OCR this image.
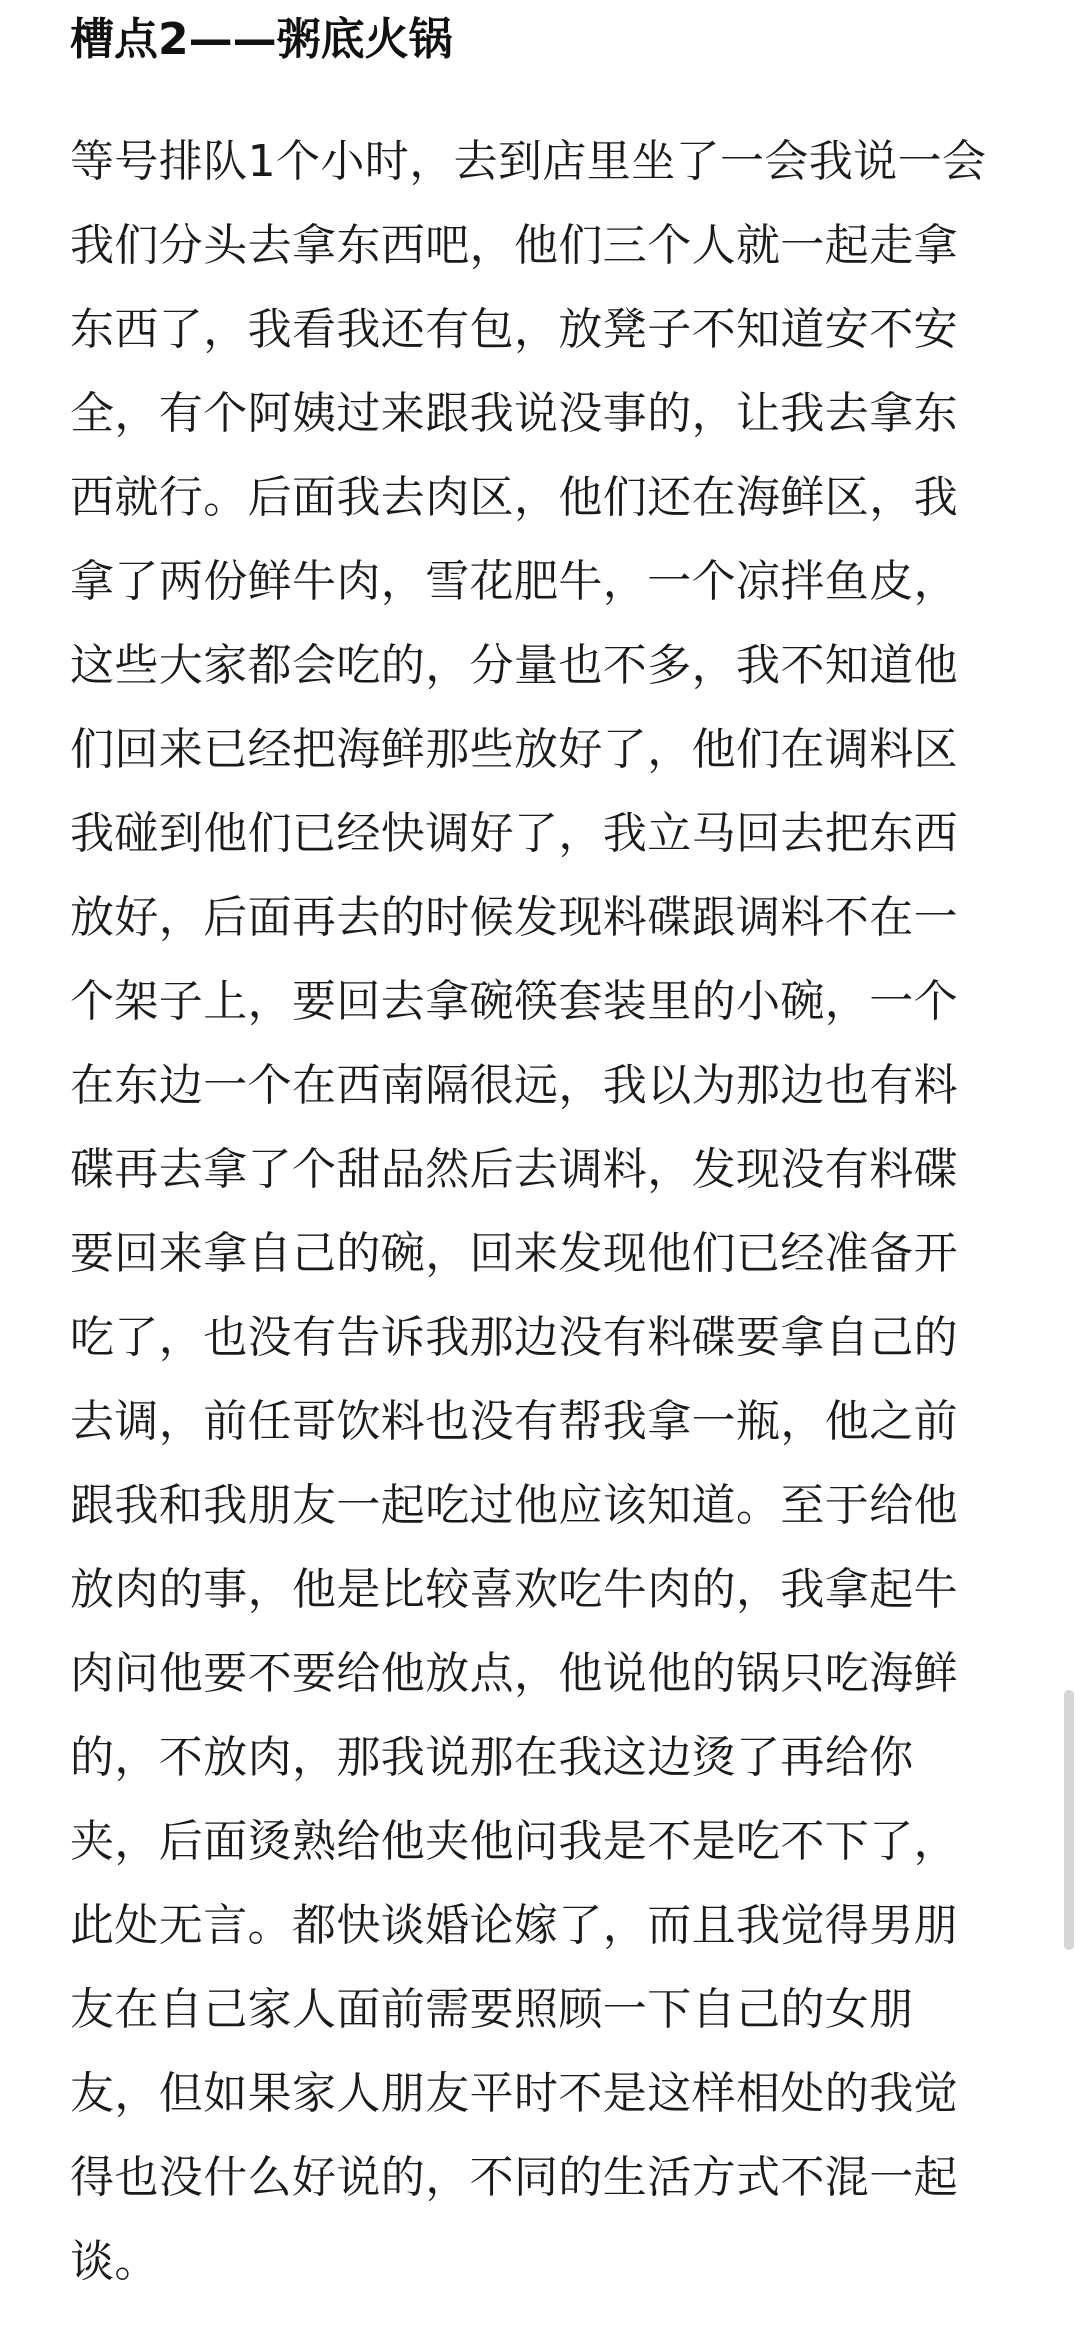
槽点2——粥底火锅
等号排队1个小时，去到店里坐了一会我说一会
我们分头去拿东西吧，他们三个人就一起走拿
东西了，我看我还有包，放凳子不知道安不安
全，有个阿姨过来跟我说没事的，让我去拿东
西就行。后面我去肉区，他们还在海鲜区，我
拿了两份鲜牛肉，雪花肥牛，一个凉拌鱼皮，
这些大家都会吃的，分量也不多，我不知道他
们回来已经把海鲜那些放好了，他们在调料区
我碰到他们已经快调好了，我立马回去把东西
放好，后面再去的时候发现料碟跟调料不在一
个架子上，要回去拿碗筷套装里的小碗，一个
在东边一个在西南隔很远，我以为那边也有料
碟再去拿了个甜品然后去调料，发现没有料碟
要回来拿自己的碗，回来发现他们已经准备开
吃了，也没有告诉我那边没有料碟要拿自己的
去调，前任哥饮料也没有帮我拿一瓶，他之前
跟我和我朋友一起吃过他应该知道。至于给他
放肉的事，他是比较喜欢吃牛肉的，我拿起牛
肉问他要不要给他放点，他说他的锅只吃海鲜
的，不放肉，那我说那在我这边烫了再给你
夹，后面烫熟给他夹他问我是不是吃不下了，
此处无言。都快谈婚论嫁了，而且我觉得男朋
友在自己家人面前需要照顾一下自己的女朋
友，但如果家人朋友平时不是这样相处的我觉
得也没什么好说的，不同的生活方式不混一起
谈。
